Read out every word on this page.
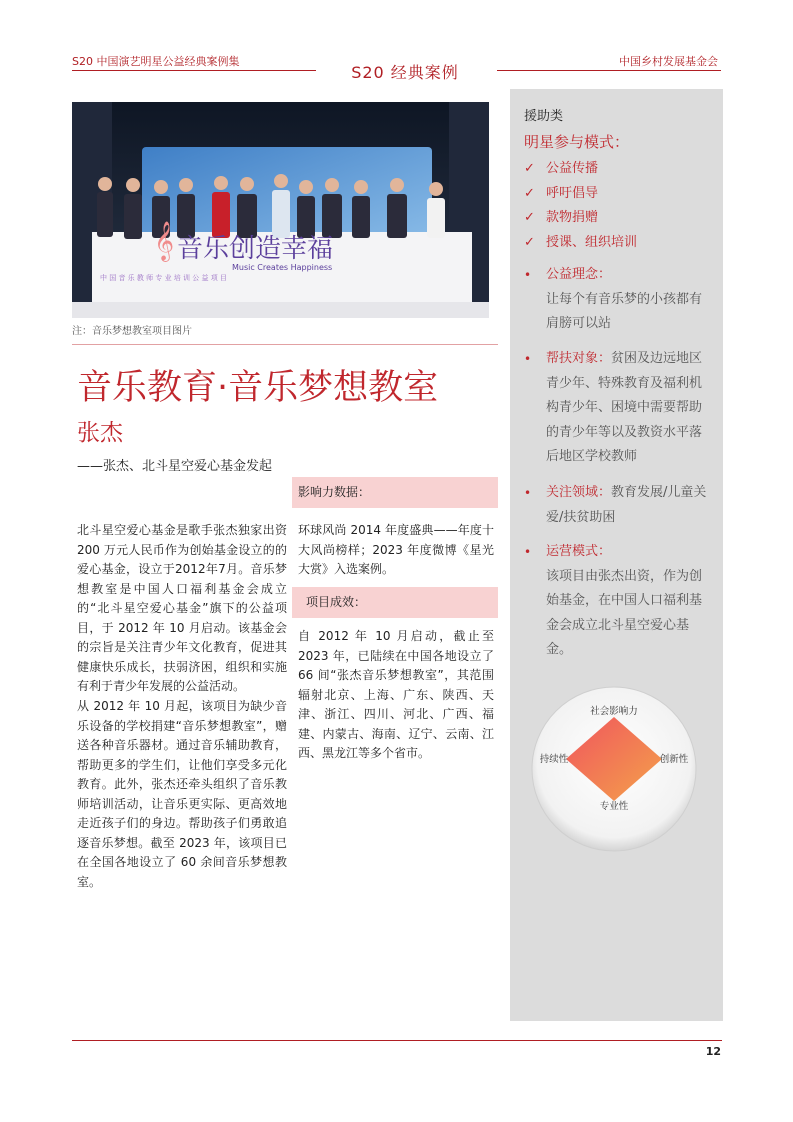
S20 中国演艺明星公益经典案例集
S20 经典案例
中国乡村发展基金会
音乐创造幸福
Music Creates Happiness
中 国 音 乐 教 师 专 业 培 训 公 益 项 目
𝄞
注：音乐梦想教室项目图片
音乐教育·音乐梦想教室
张杰
——张杰、北斗星空爱心基金发起

北斗星空爱心基金是歌手张杰独家出资 200 万元人民币作为创始基金设立的的爱心基金，设立于2012年7月。音乐梦想教室是中国人口福利基金会成立的“北斗星空爱心基金”旗下的公益项目，于 2012 年 10 月启动。该基金会的宗旨是关注青少年文化教育，促进其健康快乐成长，扶弱济困，组织和实施有利于青少年发展的公益活动。

从 2012 年 10 月起，该项目为缺少音乐设备的学校捐建“音乐梦想教室”，赠送各种音乐器材。通过音乐辅助教育，帮助更多的学生们，让他们享受多元化教育。此外，张杰还牵头组织了音乐教师培训活动，让音乐更实际、更高效地走近孩子们的身边。帮助孩子们勇敢追逐音乐梦想。截至 2023 年，该项目已在全国各地设立了 60 余间音乐梦想教室。

影响力数据：

环球风尚 2014 年度盛典——年度十大风尚榜样；2023 年度微博《星光大赏》入选案例。

项目成效：

自 2012 年 10 月启动，截止至 2023 年，已陆续在中国各地设立了 66 间“张杰音乐梦想教室”，其范围辐射北京、上海、广东、陕西、天津、浙江、四川、河北、广西、福建、内蒙古、海南、辽宁、云南、江西、黑龙江等多个省市。

援助类
明星参与模式：
✓ 公益传播
✓ 呼吁倡导
✓ 款物捐赠
✓ 授课、组织培训
• 公益理念：
让每个有音乐梦的小孩都有肩膀可以站
• 帮扶对象：贫困及边远地区青少年、特殊教育及福利机构青少年、困境中需要帮助的青少年等以及教资水平落后地区学校教师
• 关注领域：教育发展/儿童关爱/扶贫助困
• 运营模式：
该项目由张杰出资，作为创始基金，在中国人口福利基金会成立北斗星空爱心基金。
社会影响力
持续性	创新性
专业性
12
